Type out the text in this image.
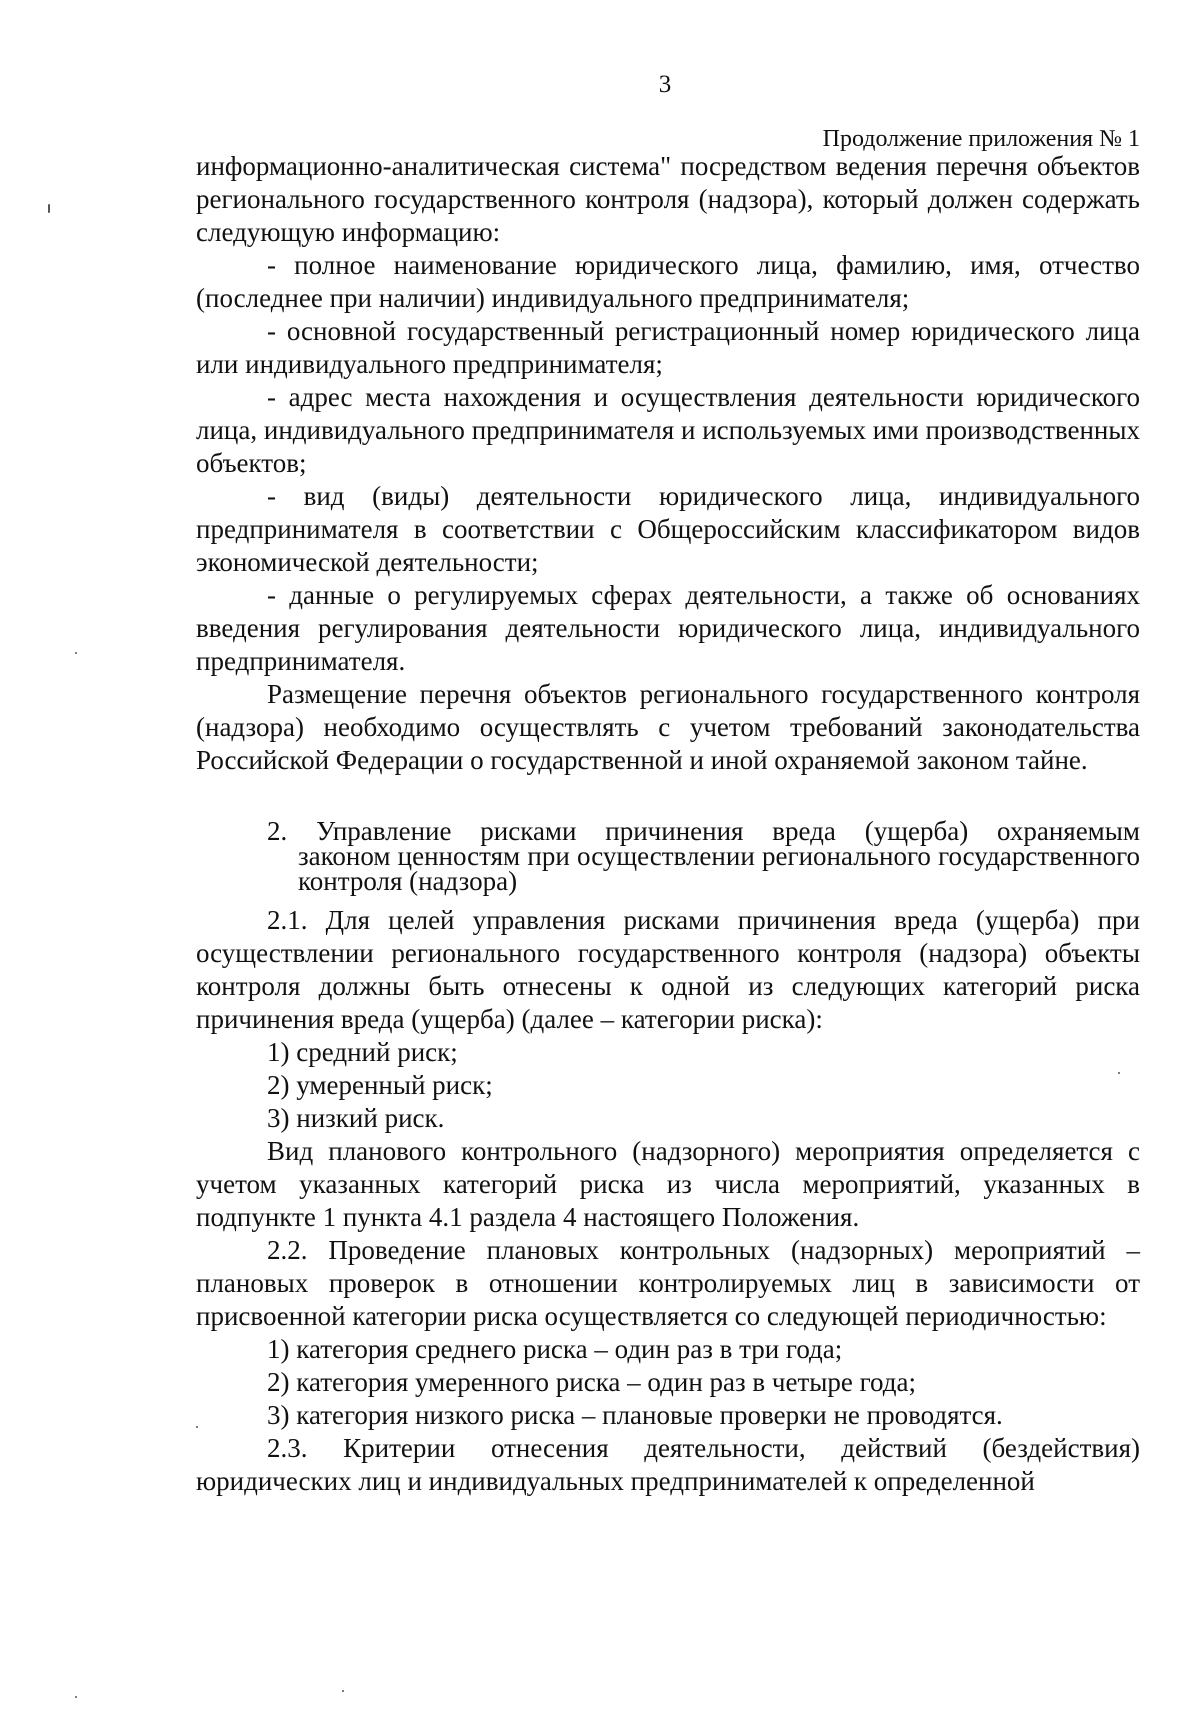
3
Продолжение приложения № 1

информационно-аналитическая система" посредством ведения перечня объектов регионального государственного контроля (надзора), который должен содержать следующую информацию:

- полное наименование юридического лица, фамилию, имя, отчество (последнее при наличии) индивидуального предпринимателя;

- основной государственный регистрационный номер юридического лица или индивидуального предпринимателя;

- адрес места нахождения и осуществления деятельности юридического лица, индивидуального предпринимателя и используемых ими производственных объектов;

- вид (виды) деятельности юридического лица, индивидуального предпринимателя в соответствии с Общероссийским классификатором видов экономической деятельности;

- данные о регулируемых сферах деятельности, а также об основаниях введения регулирования деятельности юридического лица, индивидуального предпринимателя.

Размещение перечня объектов регионального государственного контроля (надзора) необходимо осуществлять с учетом требований законодательства Российской Федерации о государственной и иной охраняемой законом тайне.

2. Управление рисками причинения вреда (ущерба) охраняемым
законом ценностям при осуществлении регионального государственного контроля (надзора)

2.1. Для целей управления рисками причинения вреда (ущерба) при осуществлении регионального государственного контроля (надзора) объекты контроля должны быть отнесены к одной из следующих категорий риска причинения вреда (ущерба) (далее – категории риска):

1) средний риск;

2) умеренный риск;

3) низкий риск.

Вид планового контрольного (надзорного) мероприятия определяется с учетом указанных категорий риска из числа мероприятий, указанных в подпункте 1 пункта 4.1 раздела 4 настоящего Положения.

2.2. Проведение плановых контрольных (надзорных) мероприятий – плановых проверок в отношении контролируемых лиц в зависимости от присвоенной категории риска осуществляется со следующей периодичностью:

1) категория среднего риска – один раз в три года;

2) категория умеренного риска – один раз в четыре года;

3) категория низкого риска – плановые проверки не проводятся.

2.3. Критерии отнесения деятельности, действий (бездействия) юридических лиц и индивидуальных предпринимателей к определенной
